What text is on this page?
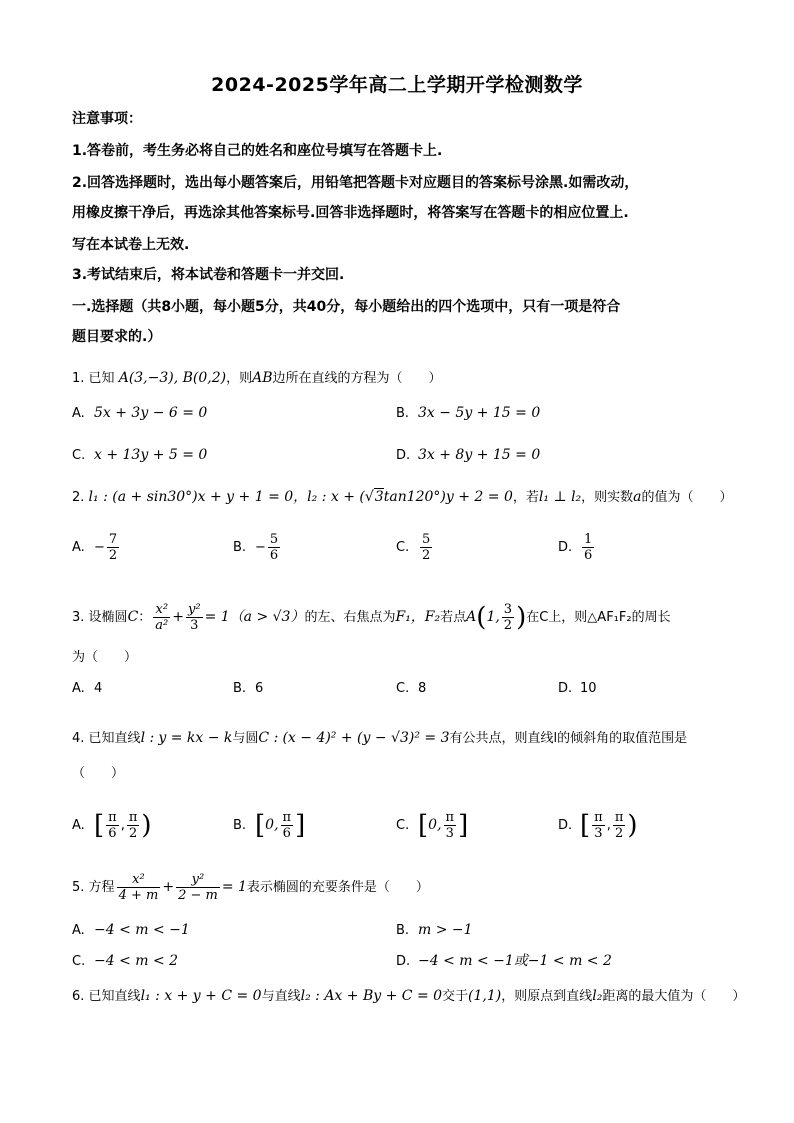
2024-2025学年高二上学期开学检测数学
注意事项：
1.答卷前，考生务必将自己的姓名和座位号填写在答题卡上.
2.回答选择题时，选出每小题答案后，用铅笔把答题卡对应题目的答案标号涂黑.如需改动，
用橡皮擦干净后，再选涂其他答案标号.回答非选择题时，将答案写在答题卡的相应位置上.
写在本试卷上无效.
3.考试结束后，将本试卷和答题卡一并交回.
一.选择题（共8小题，每小题5分，共40分，每小题给出的四个选项中，只有一项是符合
题目要求的.）
1. 已知 A(3,−3), B(0,2)，则AB边所在直线的方程为（　　）
A. 5x + 3y − 6 = 0	B. 3x − 5y + 15 = 0
C. x + 13y + 5 = 0	D. 3x + 8y + 15 = 0
2. l₁ : (a + sin30°)x + y + 1 = 0，l₂ : x + (√3tan120°)y + 2 = 0，若l₁ ⊥ l₂，则实数a的值为（　　）
A. − $\frac{7}{2}$	B. − $\frac{5}{6}$	C. $\frac{5}{2}$	D. $\frac{1}{6}$
3. 设椭圆C： $\frac{\text{x²}}{\text{a²}} + \frac{\text{y²}}{3} = 1(a > √3)$的左、右焦点为F₁，F₂若点A(1, $\frac{3}{2}$ )在C上，则△AF₁F₂的周长
为（　　）
A. 4	B. 6	C. 8	D. 10
4. 已知直线l : y = kx − k与圆C : (x − 4)² + (y − √3)² = 3有公共点，则直线l的倾斜角的取值范围是
（　　）
A. [ $\frac{\pi}{6}$ , $\frac{\pi}{2}$ )	B. [0, $\frac{\pi}{6}$ ]	C. [0, $\frac{\pi}{3}$ ]	D. [ $\frac{\pi}{3}$ , $\frac{\pi}{2}$ )
5. 方程 $\frac{\text{x²}}{4 + m} + \frac{\text{y²}}{2 - m} = 1$表示椭圆的充要条件是（　　）
A. −4 < m < −1	B. m > −1
C. −4 < m < 2	D. −4 < m < −1或−1 < m < 2
6. 已知直线l₁ : x + y + C = 0与直线l₂ : Ax + By + C = 0交于(1,1)，则原点到直线l₂距离的最大值为（　　）
